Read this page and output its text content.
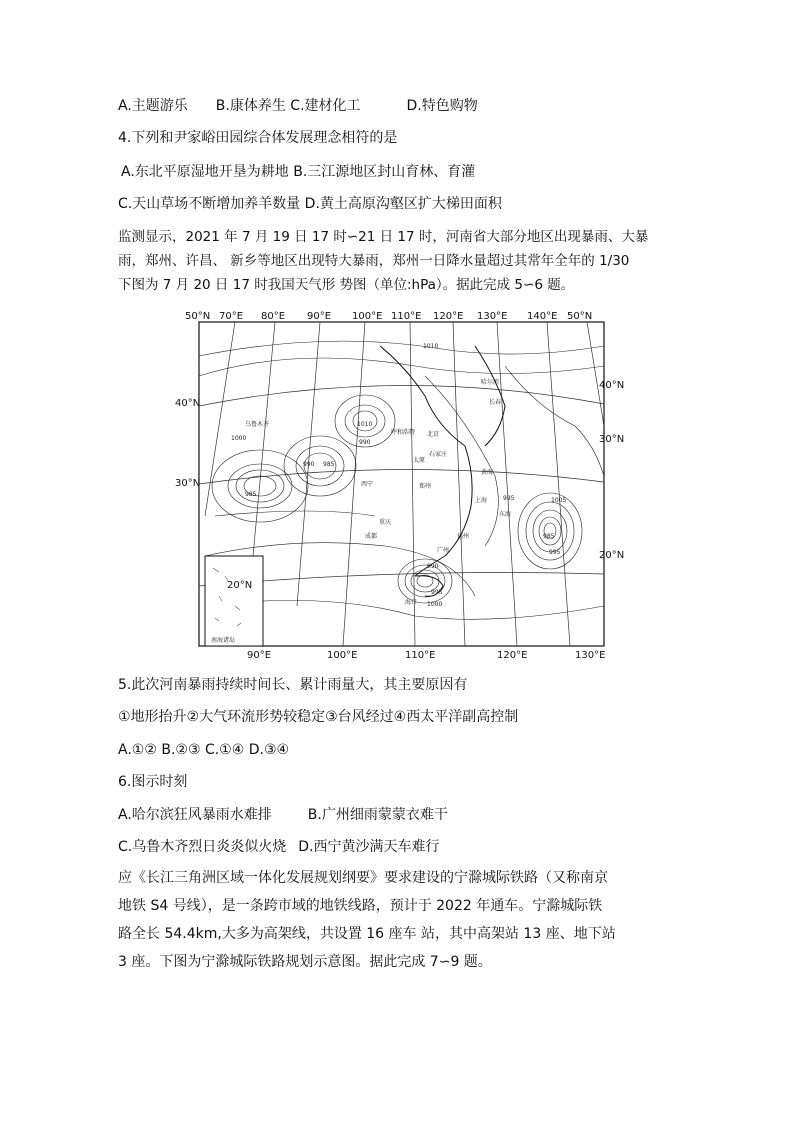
A.主题游乐 B.康体养生 C.建材化工	D.特色购物
4.下列和尹家峪田园综合体发展理念相符的是
A.东北平原湿地开垦为耕地 B.三江源地区封山育林、育灌
C.天山草场不断增加养羊数量 D.黄土高原沟壑区扩大梯田面积
监测显示，2021 年 7 月 19 日 17 时∽21 日 17 时，河南省大部分地区出现暴雨、大暴
雨，郑州、许昌、 新乡等地区出现特大暴雨，郑州一日降水量超过其常年全年的 1/30
下图为 7 月 20 日 17 时我国天气形 势图（单位:hPa）。据此完成 5∽6 题。
南海诸岛
50°N 70°E 80°E 90°E 100°E 110°E 120°E 130°E 140°E 50°N
90°E	100°E	110°E	120°E	130°E
40°N
30°N
20°N
40°N
30°N
20°N
1010
1010
1000
990
985
990
985
995	1005
985
995
990
995
1000
乌鲁木齐
哈尔滨
长春
西宁
成都
北京
石家庄
太原
郑州
重庆
广州
海口
上海
福州
呼和浩特
黄海
东海
5.此次河南暴雨持续时间长、累计雨量大，其主要原因有
①地形抬升②大气环流形势较稳定③台风经过④西太平洋副高控制
A.①② B.②③ C.①④ D.③④
6.图示时刻
A.哈尔滨狂风暴雨水难排	B.广州细雨蒙蒙衣难干
C.乌鲁木齐烈日炎炎似火烧 D.西宁黄沙满天车难行
应《长江三角洲区域一体化发展规划纲要》要求建设的宁滁城际铁路（又称南京地铁 S4 号线），是一条跨市域的地铁线路，预计于 2022 年通车。宁滁城际铁路全长 54.4km,大多为高架线，共设置 16 座车 站，其中高架站 13 座、地下站 3 座。下图为宁滁城际铁路规划示意图。据此完成 7∽9 题。
